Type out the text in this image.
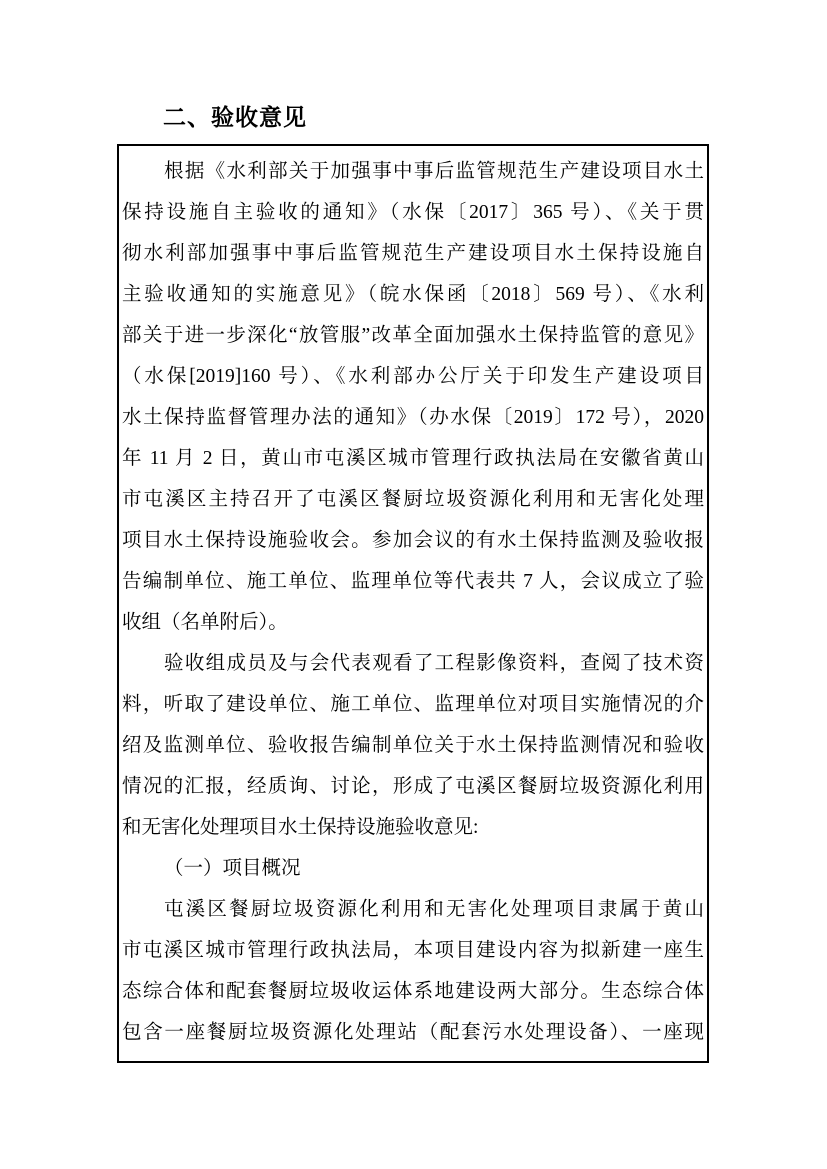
二、验收意见
根据《水利部关于加强事中事后监管规范生产建设项目水土
保持设施自主验收的通知》（水保〔2017〕365 号）、《关于贯
彻水利部加强事中事后监管规范生产建设项目水土保持设施自
主验收通知的实施意见》（皖水保函〔2018〕569 号）、《水利
部关于进一步深化“放管服”改革全面加强水土保持监管的意见》
（水保[2019]160 号）、《水利部办公厅关于印发生产建设项目
水土保持监督管理办法的通知》（办水保〔2019〕172 号），2020
年 11 月 2 日，黄山市屯溪区城市管理行政执法局在安徽省黄山
市屯溪区主持召开了屯溪区餐厨垃圾资源化利用和无害化处理
项目水土保持设施验收会。参加会议的有水土保持监测及验收报
告编制单位、施工单位、监理单位等代表共 7 人，会议成立了验
收组（名单附后）。
验收组成员及与会代表观看了工程影像资料，查阅了技术资
料，听取了建设单位、施工单位、监理单位对项目实施情况的介
绍及监测单位、验收报告编制单位关于水土保持监测情况和验收
情况的汇报，经质询、讨论，形成了屯溪区餐厨垃圾资源化利用
和无害化处理项目水土保持设施验收意见:
（一）项目概况
屯溪区餐厨垃圾资源化利用和无害化处理项目隶属于黄山
市屯溪区城市管理行政执法局，本项目建设内容为拟新建一座生
态综合体和配套餐厨垃圾收运体系地建设两大部分。生态综合体
包含一座餐厨垃圾资源化处理站（配套污水处理设备）、一座现
